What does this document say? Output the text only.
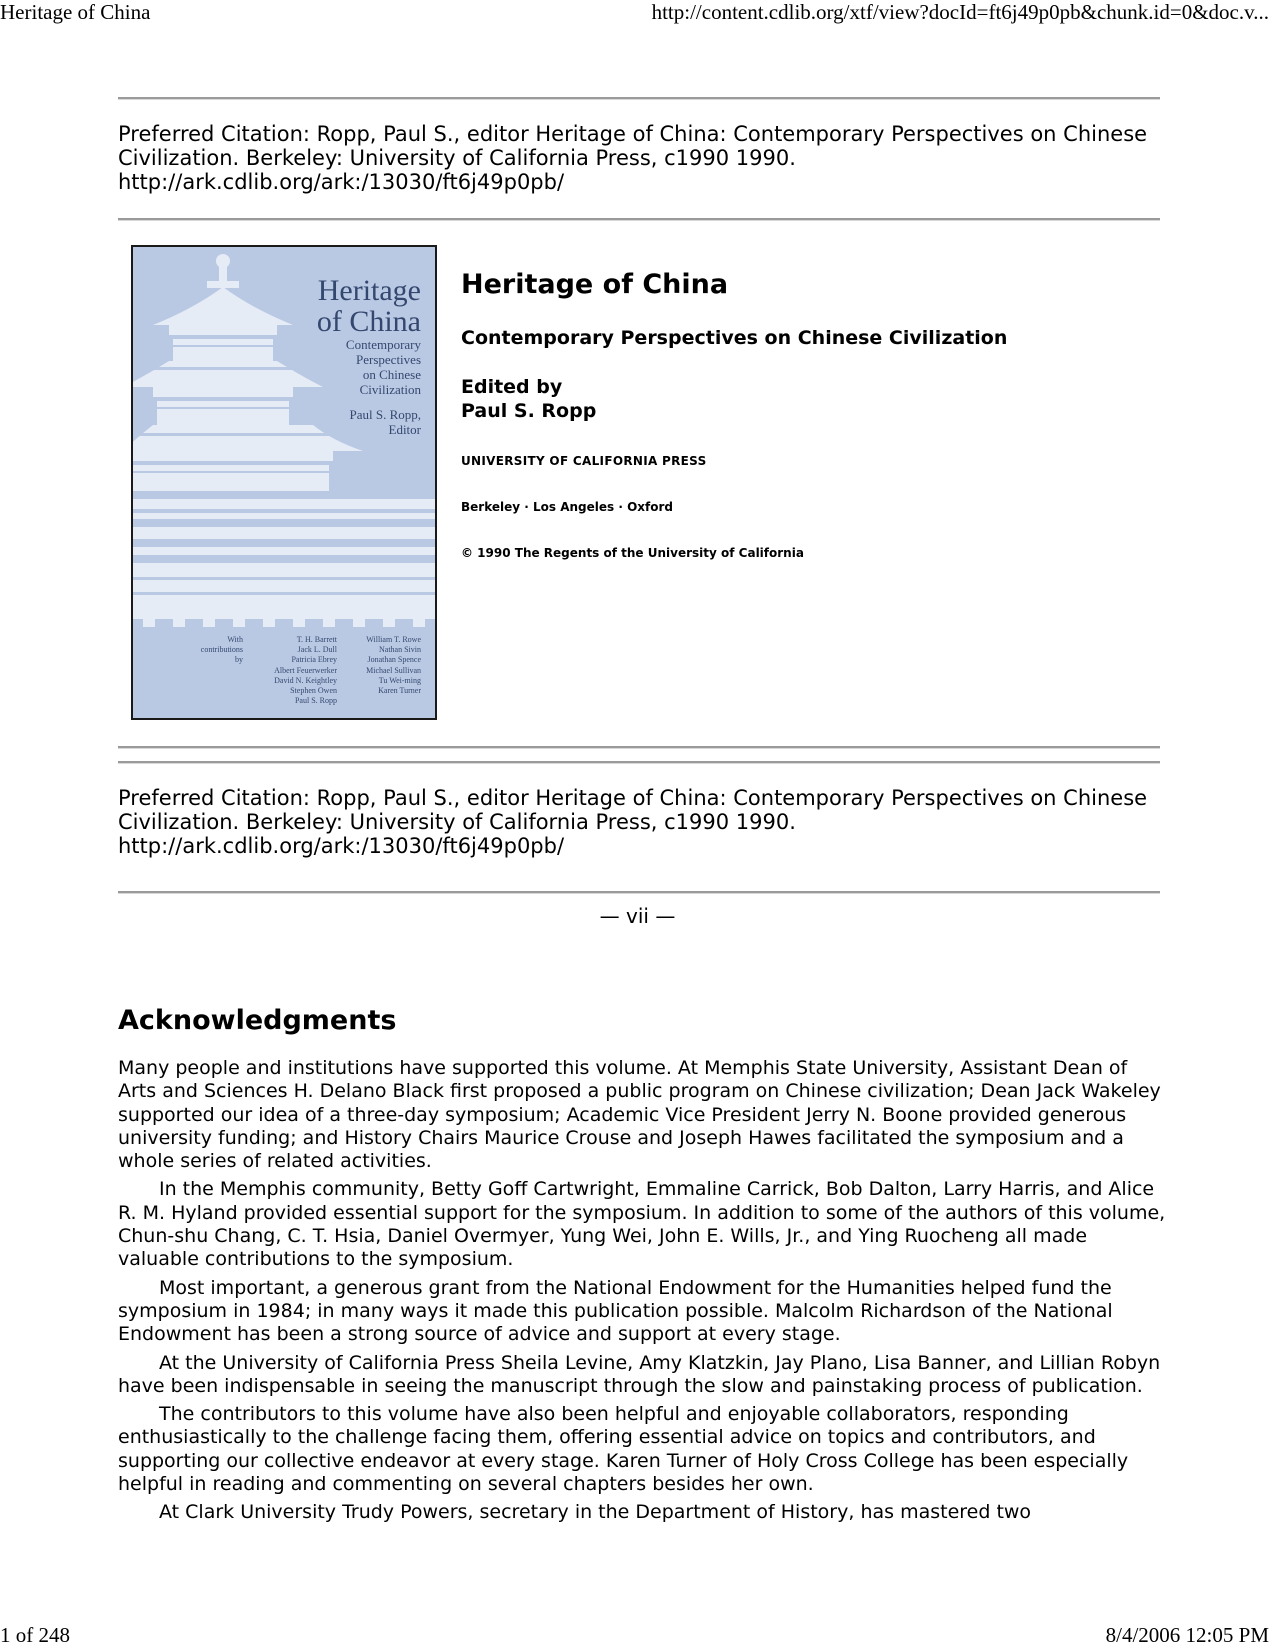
Heritage of China	http://content.cdlib.org/xtf/view?docId=ft6j49p0pb&chunk.id=0&doc.v...

Preferred Citation: Ropp, Paul S., editor Heritage of China: Contemporary Perspectives on Chinese

Civilization. Berkeley: University of California Press, c1990 1990.

http://ark.cdlib.org/ark:/13030/ft6j49p0pb/

Heritage
of China
Contemporary
Perspectives
on Chinese
Civilization
Paul S. Ropp,
Editor
With
contributions
by
T. H. Barrett
Jack L. Dull
Patricia Ebrey
Albert Feuerwerker
David N. Keightley
Stephen Owen
Paul S. Ropp
William T. Rowe
Nathan Sivin
Jonathan Spence
Michael Sullivan
Tu Wei-ming
Karen Turner
Heritage of China
Contemporary Perspectives on Chinese Civilization
Edited by
Paul S. Ropp
UNIVERSITY OF CALIFORNIA PRESS
Berkeley · Los Angeles · Oxford
© 1990 The Regents of the University of California

Preferred Citation: Ropp, Paul S., editor Heritage of China: Contemporary Perspectives on Chinese

Civilization. Berkeley: University of California Press, c1990 1990.

http://ark.cdlib.org/ark:/13030/ft6j49p0pb/

— vii —
Acknowledgments

Many people and institutions have supported this volume. At Memphis State University, Assistant Dean of Arts and Sciences H. Delano Black first proposed a public program on Chinese civilization; Dean Jack Wakeley supported our idea of a three-day symposium; Academic Vice President Jerry N. Boone provided generous university funding; and History Chairs Maurice Crouse and Joseph Hawes facilitated the symposium and a whole series of related activities.

In the Memphis community, Betty Goff Cartwright, Emmaline Carrick, Bob Dalton, Larry Harris, and Alice R. M. Hyland provided essential support for the symposium. In addition to some of the authors of this volume, Chun-shu Chang, C. T. Hsia, Daniel Overmyer, Yung Wei, John E. Wills, Jr., and Ying Ruocheng all made valuable contributions to the symposium.

Most important, a generous grant from the National Endowment for the Humanities helped fund the symposium in 1984; in many ways it made this publication possible. Malcolm Richardson of the National Endowment has been a strong source of advice and support at every stage.

At the University of California Press Sheila Levine, Amy Klatzkin, Jay Plano, Lisa Banner, and Lillian Robyn have been indispensable in seeing the manuscript through the slow and painstaking process of publication.

The contributors to this volume have also been helpful and enjoyable collaborators, responding enthusiastically to the challenge facing them, offering essential advice on topics and contributors, and supporting our collective endeavor at every stage. Karen Turner of Holy Cross College has been especially helpful in reading and commenting on several chapters besides her own.

At Clark University Trudy Powers, secretary in the Department of History, has mastered two

1 of 248	8/4/2006 12:05 PM
